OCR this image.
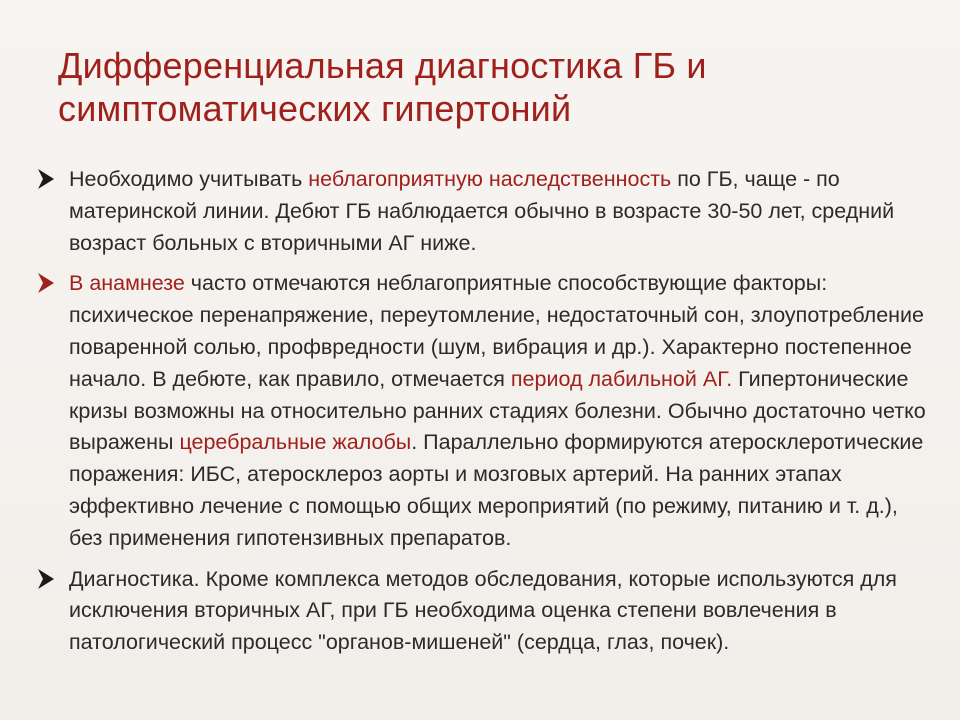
Дифференциальная диагностика ГБ и
симптоматических гипертоний
Необходимо учитывать неблагоприятную наследственность по ГБ, чаще - по материнской линии. Дебют ГБ наблюдается обычно в возрасте 30-50 лет, средний возраст больных с вторичными АГ ниже.
В анамнезе часто отмечаются неблагоприятные способствующие факторы: психическое перенапряжение, переутомление, недостаточный сон, злоупотребление поваренной солью, профвредности (шум, вибрация и др.). Характерно постепенное начало. В дебюте, как правило, отмечается период лабильной АГ. Гипертонические кризы возможны на относительно ранних стадиях болезни. Обычно достаточно четко выражены церебральные жалобы. Параллельно формируются атеросклеротические поражения: ИБС, атеросклероз аорты и мозговых артерий. На ранних этапах эффективно лечение с помощью общих мероприятий (по режиму, питанию и т. д.), без применения гипотензивных препаратов.
Диагностика. Кроме комплекса методов обследования, которые используются для исключения вторичных АГ, при ГБ необходима оценка степени вовлечения в патологический процесс "органов-мишеней" (сердца, глаз, почек).
